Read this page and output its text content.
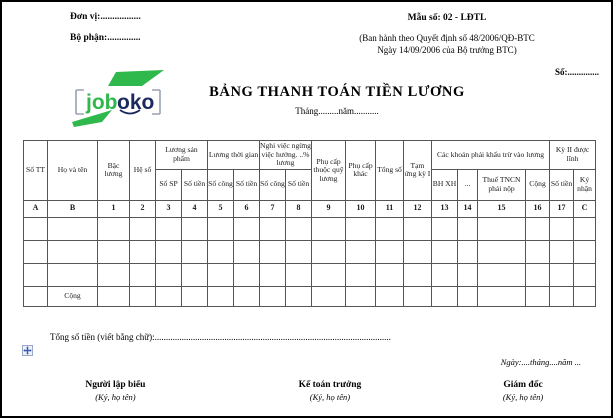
Đơn vị:.................
Bộ phận:..............
Mẫu số: 02 - LĐTL
(Ban hành theo Quyết định số 48/2006/QĐ-BTC
Ngày 14/09/2006 của Bộ trưởng BTC)
Số:..............
job oko	BẢNG THANH TOÁN TIỀN LƯƠNG
Tháng.........năm...........
Số TT	Họ và tên	Bậc lương	Hệ số	Lương sản phẩm		Lương thời gian		Nghi việc ngừng việc hưởng. ..% lương		Phụ cấp thuộc quỹ lương	Phụ cấp khác	Tổng số	Tạm ứng kỳ I	Các khoản phải khấu trừ vào lương				Kỳ II được lĩnh	
				Số SP	Số tiền	Số công	Số tiền	Số công	Số tiền					BH XH	...	Thuế TNCN phải nộp	Cộng	Số tiền	Ký nhận
A	B	1	2	3	4	5	6	7	8	9	10	11	12	13	14	15	16	17	C

	Cộng																		
Tổng số tiền (viết bằng chữ):.........................................................................................................
Ngày:....tháng....năm ...
Người lập biểu
(Ký, họ tên)
Kế toán trưởng
(Ký, họ tên)
Giám đốc
(Ký, họ tên)
